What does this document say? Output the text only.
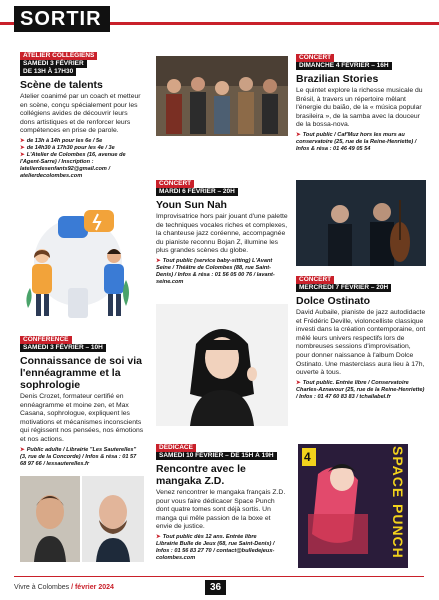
SORTIR
ATELIER COLLÉGIENS
SAMEDI 3 FÉVRIER
DE 13H À 17H30
Scène de talents

Atelier coanimé par un coach et metteur en scène, conçu spécialement pour les collégiens avides de découvrir leurs dons artistiques et de renforcer leurs compétences en prise de parole.

➤ de 13h à 14h pour les 6e / 5e
➤ de 14h30 à 17h30 pour les 4e / 3e
➤ L'Atelier de Colombes (16, avenue de l'Agent-Sarre) / Inscription : latelierdesenfants92@gmail.com / atelierdecolombes.com
CONFÉRENCE
SAMEDI 3 FÉVRIER – 10H
Connaissance de soi via l'ennéagramme et la sophrologie

Denis Crozet, formateur certifié en ennéagramme et moine zen, et Max Casana, sophrologue, expliquent les motivations et mécanismes inconscients qui régissent nos pensées, nos émotions et nos actions.

➤ Public adulte / Librairie "Les Sauterelles" (3, rue de la Concorde) / Infos & résa : 01 57 68 97 66 / lessauterelles.fr
CONCERT
DIMANCHE 4 FÉVRIER – 16H
Brazilian Stories

Le quintet explore la richesse musicale du Brésil, à travers un répertoire mêlant l'énergie du baião, de la « música popular brasileira », de la samba avec la douceur de la bossa-nova.

➤ Tout public / Caf'Muz hors les murs au conservatoire (25, rue de la Reine-Henriette) / Infos & résa : 01 46 49 05 54
CONCERT
MARDI 6 FÉVRIER – 20H
Youn Sun Nah

Improvisatrice hors pair jouant d'une palette de techniques vocales riches et complexes, la chanteuse jazz coréenne, accompagnée du pianiste reconnu Bojan Z, illumine les plus grandes scènes du globe.

➤ Tout public (service baby-sitting) L'Avant Seine / Théâtre de Colombes (88, rue Saint-Denis) / Infos & résa : 01 56 05 00 76 / lavant-seine.com	CONCERT
MERCREDI 7 FÉVRIER – 20H
Dolce Ostinato

David Aubaile, pianiste de jazz autodidacte et Frédéric Deville, violoncelliste classique investi dans la création contemporaine, ont mêlé leurs univers respectifs lors de nombreuses sessions d'improvisation, pour donner naissance à l'album Dolce Ostinato. Une masterclass aura lieu à 17h, ouverte à tous.

➤ Tout public. Entrée libre / Conservatoire Charles-Aznavour (25, rue de la Reine-Henriette) / Infos : 01 47 60 83 83 / tchailabel.fr
DÉDICACE
SAMEDI 10 FÉVRIER – DE 15H À 19H
Rencontre avec le mangaka Z.D.

Venez rencontrer le mangaka français Z.D. pour vous faire dédicacer Space Punch dont quatre tomes sont déjà sortis. Un manga qui mêle passion de la boxe et envie de justice.

➤ Tout public dès 12 ans. Entrée libre
Librairie Bulle de Jeux (68, rue Saint-Denis) / Infos : 01 56 83 27 70 / contact@bulledejeux-colombes.com
4	SPACE
PUNCH
Vivre à Colombes / février 2024	36
